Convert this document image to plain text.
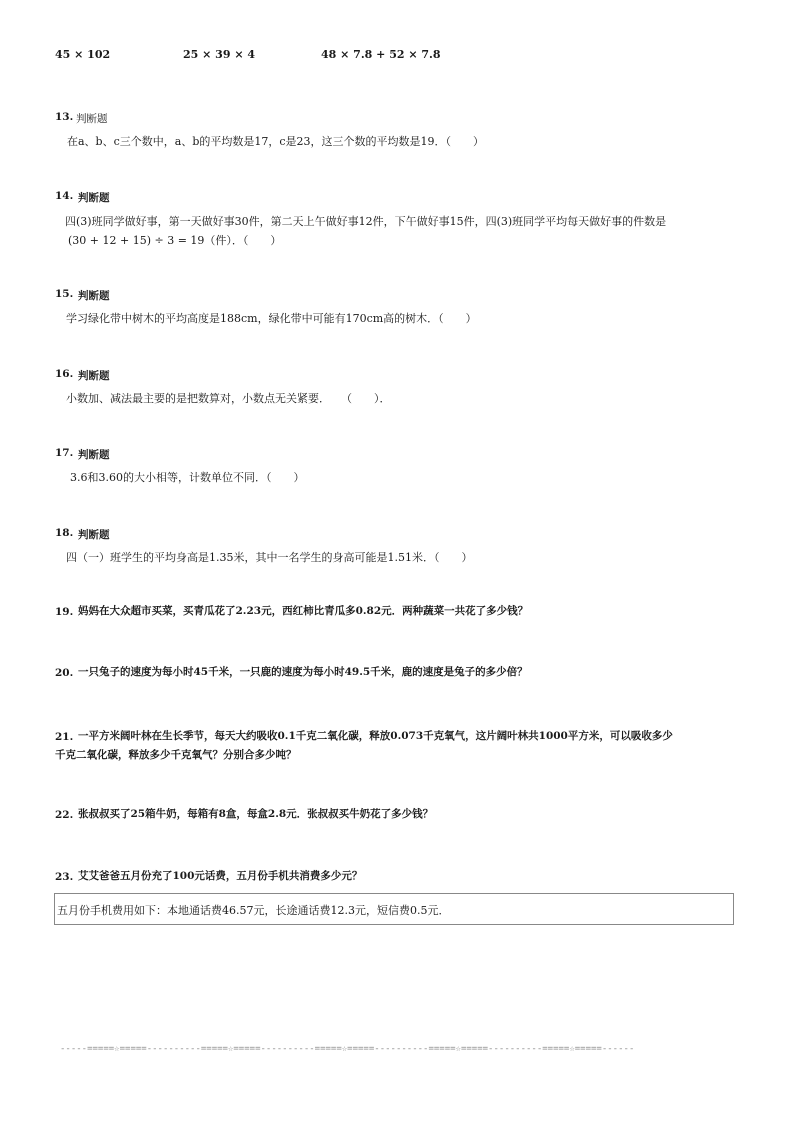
45 × 102	25 × 39 × 4	48 × 7.8 + 52 × 7.8
13. 判断题
在a、b、c三个数中，a、b的平均数是17，c是23，这三个数的平均数是19．（　　）
14. 判断题
四(3)班同学做好事，第一天做好事30件，第二天上午做好事12件，下午做好事15件，四(3)班同学平均每天做好事的件数是
(30 + 12 + 15) ÷ 3 = 19（件）．（　　）
15. 判断题
学习绿化带中树木的平均高度是188cm，绿化带中可能有170cm高的树木．（　　）
16. 判断题
小数加、减法最主要的是把数算对，小数点无关紧要．　　（　　）．
17. 判断题
3.6和3.60的大小相等，计数单位不同．（　　）
18. 判断题
四（一）班学生的平均身高是1.35米，其中一名学生的身高可能是1.51米．（　　）
19. 妈妈在大众超市买菜，买青瓜花了2.23元，西红柿比青瓜多0.82元．两种蔬菜一共花了多少钱？
20. 一只兔子的速度为每小时45千米，一只鹿的速度为每小时49.5千米，鹿的速度是兔子的多少倍？
21. 一平方米阔叶林在生长季节，每天大约吸收0.1千克二氧化碳，释放0.073千克氧气，这片阔叶林共1000平方米，可以吸收多少
千克二氧化碳，释放多少千克氧气？分别合多少吨？
22. 张叔叔买了25箱牛奶，每箱有8盒，每盒2.8元．张叔叔买牛奶花了多少钱？
23. 艾艾爸爸五月份充了100元话费，五月份手机共消费多少元？
五月份手机费用如下：本地通话费46.57元，长途通话费12.3元，短信费0.5元．
-----=====☆=====----------=====☆=====----------=====☆=====----------=====☆=====----------=====☆=====------
